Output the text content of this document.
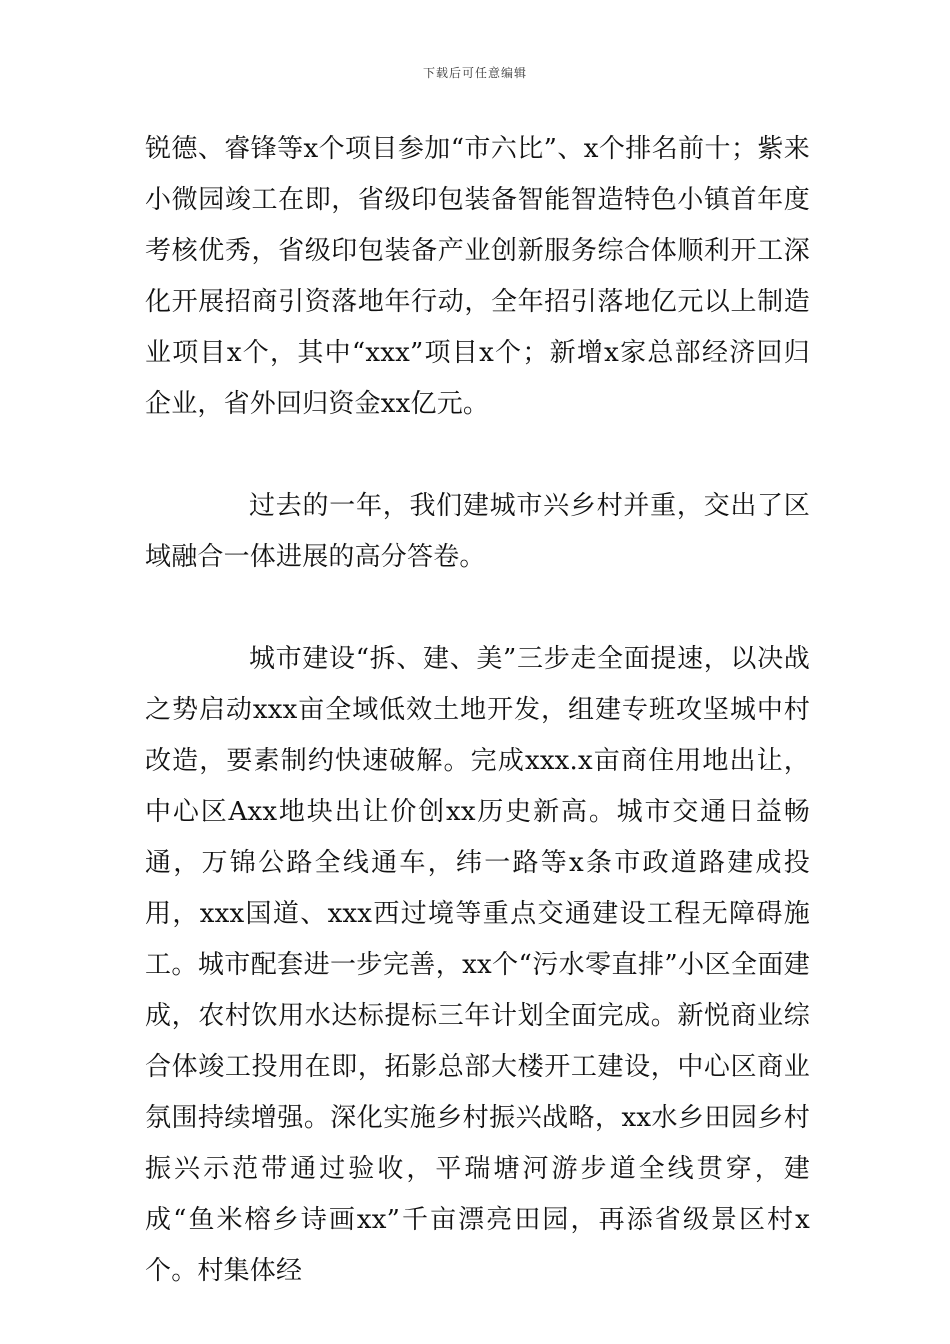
下载后可任意编辑

锐德、睿锋等x个项目参加“市六比”、x个排名前十；紫来小微园竣工在即，省级印包装备智能智造特色小镇首年度考核优秀，省级印包装备产业创新服务综合体顺利开工深化开展招商引资落地年行动，全年招引落地亿元以上制造业项目x个，其中“xxx”项目x个；新增x家总部经济回归企业，省外回归资金xx亿元。

过去的一年，我们建城市兴乡村并重，交出了区域融合一体进展的高分答卷。

城市建设“拆、建、美”三步走全面提速，以决战之势启动xxx亩全域低效土地开发，组建专班攻坚城中村改造，要素制约快速破解。完成xxx.x亩商住用地出让，中心区Axx地块出让价创xx历史新高。城市交通日益畅通，万锦公路全线通车，纬一路等x条市政道路建成投用，xxx国道、xxx西过境等重点交通建设工程无障碍施工。城市配套进一步完善，xx个“污水零直排”小区全面建成，农村饮用水达标提标三年计划全面完成。新悦商业综合体竣工投用在即，拓影总部大楼开工建设，中心区商业氛围持续增强。深化实施乡村振兴战略，xx水乡田园乡村振兴示范带通过验收，平瑞塘河游步道全线贯穿，建成“鱼米榕乡诗画xx”千亩漂亮田园，再添省级景区村x个。村集体经
